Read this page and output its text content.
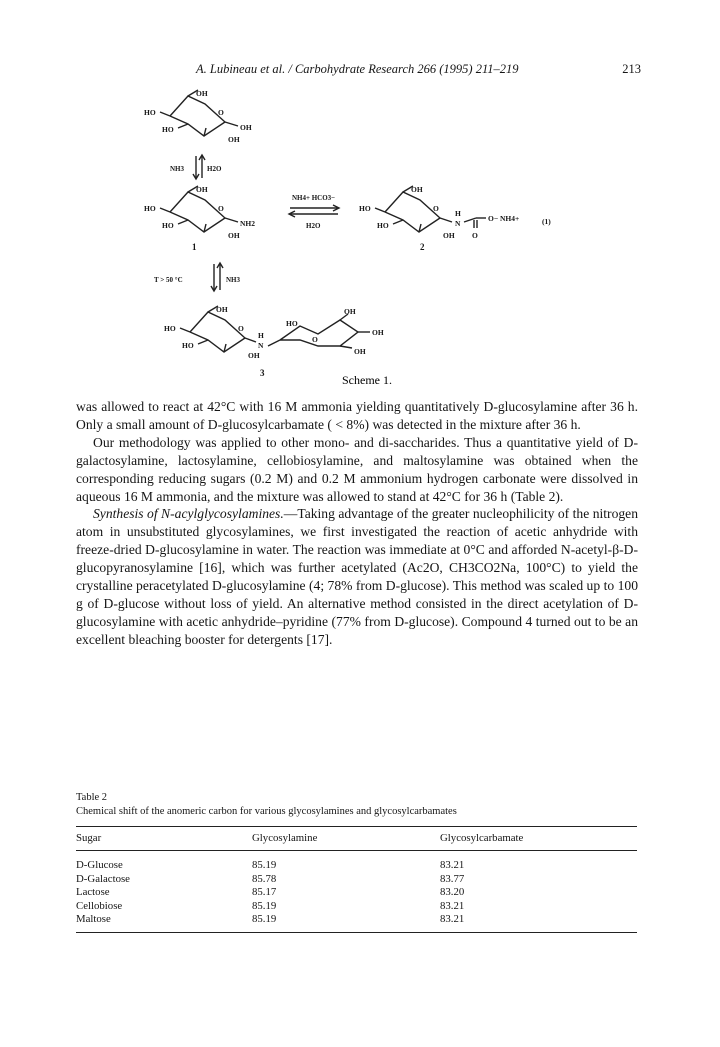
A. Lubineau et al. / Carbohydrate Research 266 (1995) 211–219	213
OH
HO	O
HO
OH
OH
NH3	H2O
OH
HO	O
HO
OH
NH2
1
NH4+ HCO3−
H2O
OH
HO	O
HO
OH
H
N
O
O− NH4+	(1)
2
T > 50 °C	NH3
OH
HO	O
HO
OH
H
N
HO
O
OH
OH
OH
3	Scheme 1.

was allowed to react at 42°C with 16 M ammonia yielding quantitatively D-glucosylamine after 36 h. Only a small amount of D-glucosylcarbamate ( < 8%) was detected in the mixture after 36 h.

Our methodology was applied to other mono- and di-saccharides. Thus a quantitative yield of D-galactosylamine, lactosylamine, cellobiosylamine, and maltosylamine was obtained when the corresponding reducing sugars (0.2 M) and 0.2 M ammonium hydrogen carbonate were dissolved in aqueous 16 M ammonia, and the mixture was allowed to stand at 42°C for 36 h (Table 2).

Synthesis of N-acylglycosylamines.—Taking advantage of the greater nucleophilicity of the nitrogen atom in unsubstituted glycosylamines, we first investigated the reaction of acetic anhydride with freeze-dried D-glucosylamine in water. The reaction was immediate at 0°C and afforded N-acetyl-β-D-glucopyranosylamine [16], which was further acetylated (Ac2O, CH3CO2Na, 100°C) to yield the crystalline peracetylated D-glucosylamine (4; 78% from D-glucose). This method was scaled up to 100 g of D-glucose without loss of yield. An alternative method consisted in the direct acetylation of D-glucosylamine with acetic anhydride–pyridine (77% from D-glucose). Compound 4 turned out to be an excellent bleaching booster for detergents [17].

Table 2
Chemical shift of the anomeric carbon for various glycosylamines and glycosylcarbamates
Sugar	Glycosylamine	Glycosylcarbamate
D-Glucose	85.19	83.21
D-Galactose	85.78	83.77
Lactose	85.17	83.20
Cellobiose	85.19	83.21
Maltose	85.19	83.21
